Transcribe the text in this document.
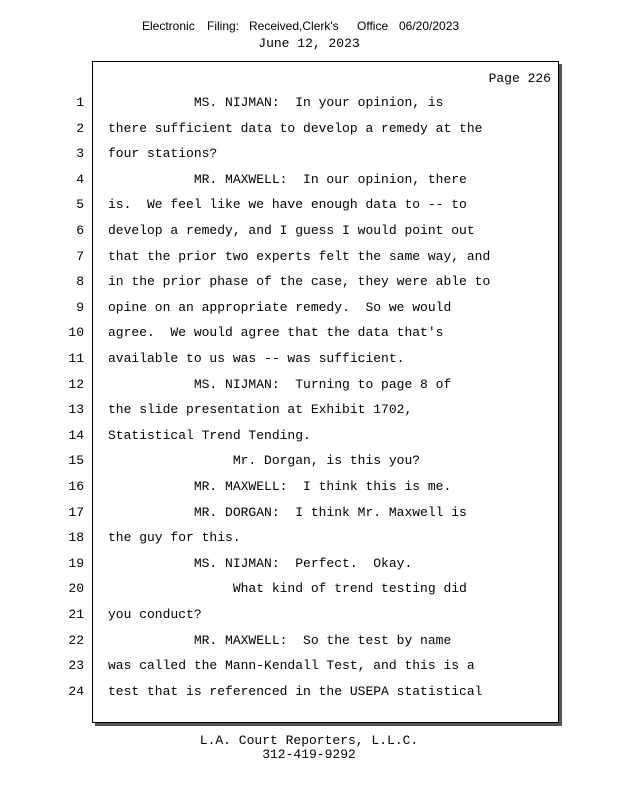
Electronic Filing: Received,Clerk's Office 06/20/2023
June 12, 2023
Page 226
1 MS. NIJMAN:  In your opinion, is
2 there sufficient data to develop a remedy at the
3 four stations?
4 MR. MAXWELL:  In our opinion, there
5 is.  We feel like we have enough data to -- to
6 develop a remedy, and I guess I would point out
7 that the prior two experts felt the same way, and
8 in the prior phase of the case, they were able to
9 opine on an appropriate remedy.  So we would
10 agree.  We would agree that the data that's
11 available to us was -- was sufficient.
12 MS. NIJMAN:  Turning to page 8 of
13 the slide presentation at Exhibit 1702,
14 Statistical Trend Tending.
15 Mr. Dorgan, is this you?
16 MR. MAXWELL:  I think this is me.
17 MR. DORGAN:  I think Mr. Maxwell is
18 the guy for this.
19 MS. NIJMAN:  Perfect.  Okay.
20 What kind of trend testing did
21 you conduct?
22 MR. MAXWELL:  So the test by name
23 was called the Mann-Kendall Test, and this is a
24 test that is referenced in the USEPA statistical
L.A. Court Reporters, L.L.C.
312-419-9292
